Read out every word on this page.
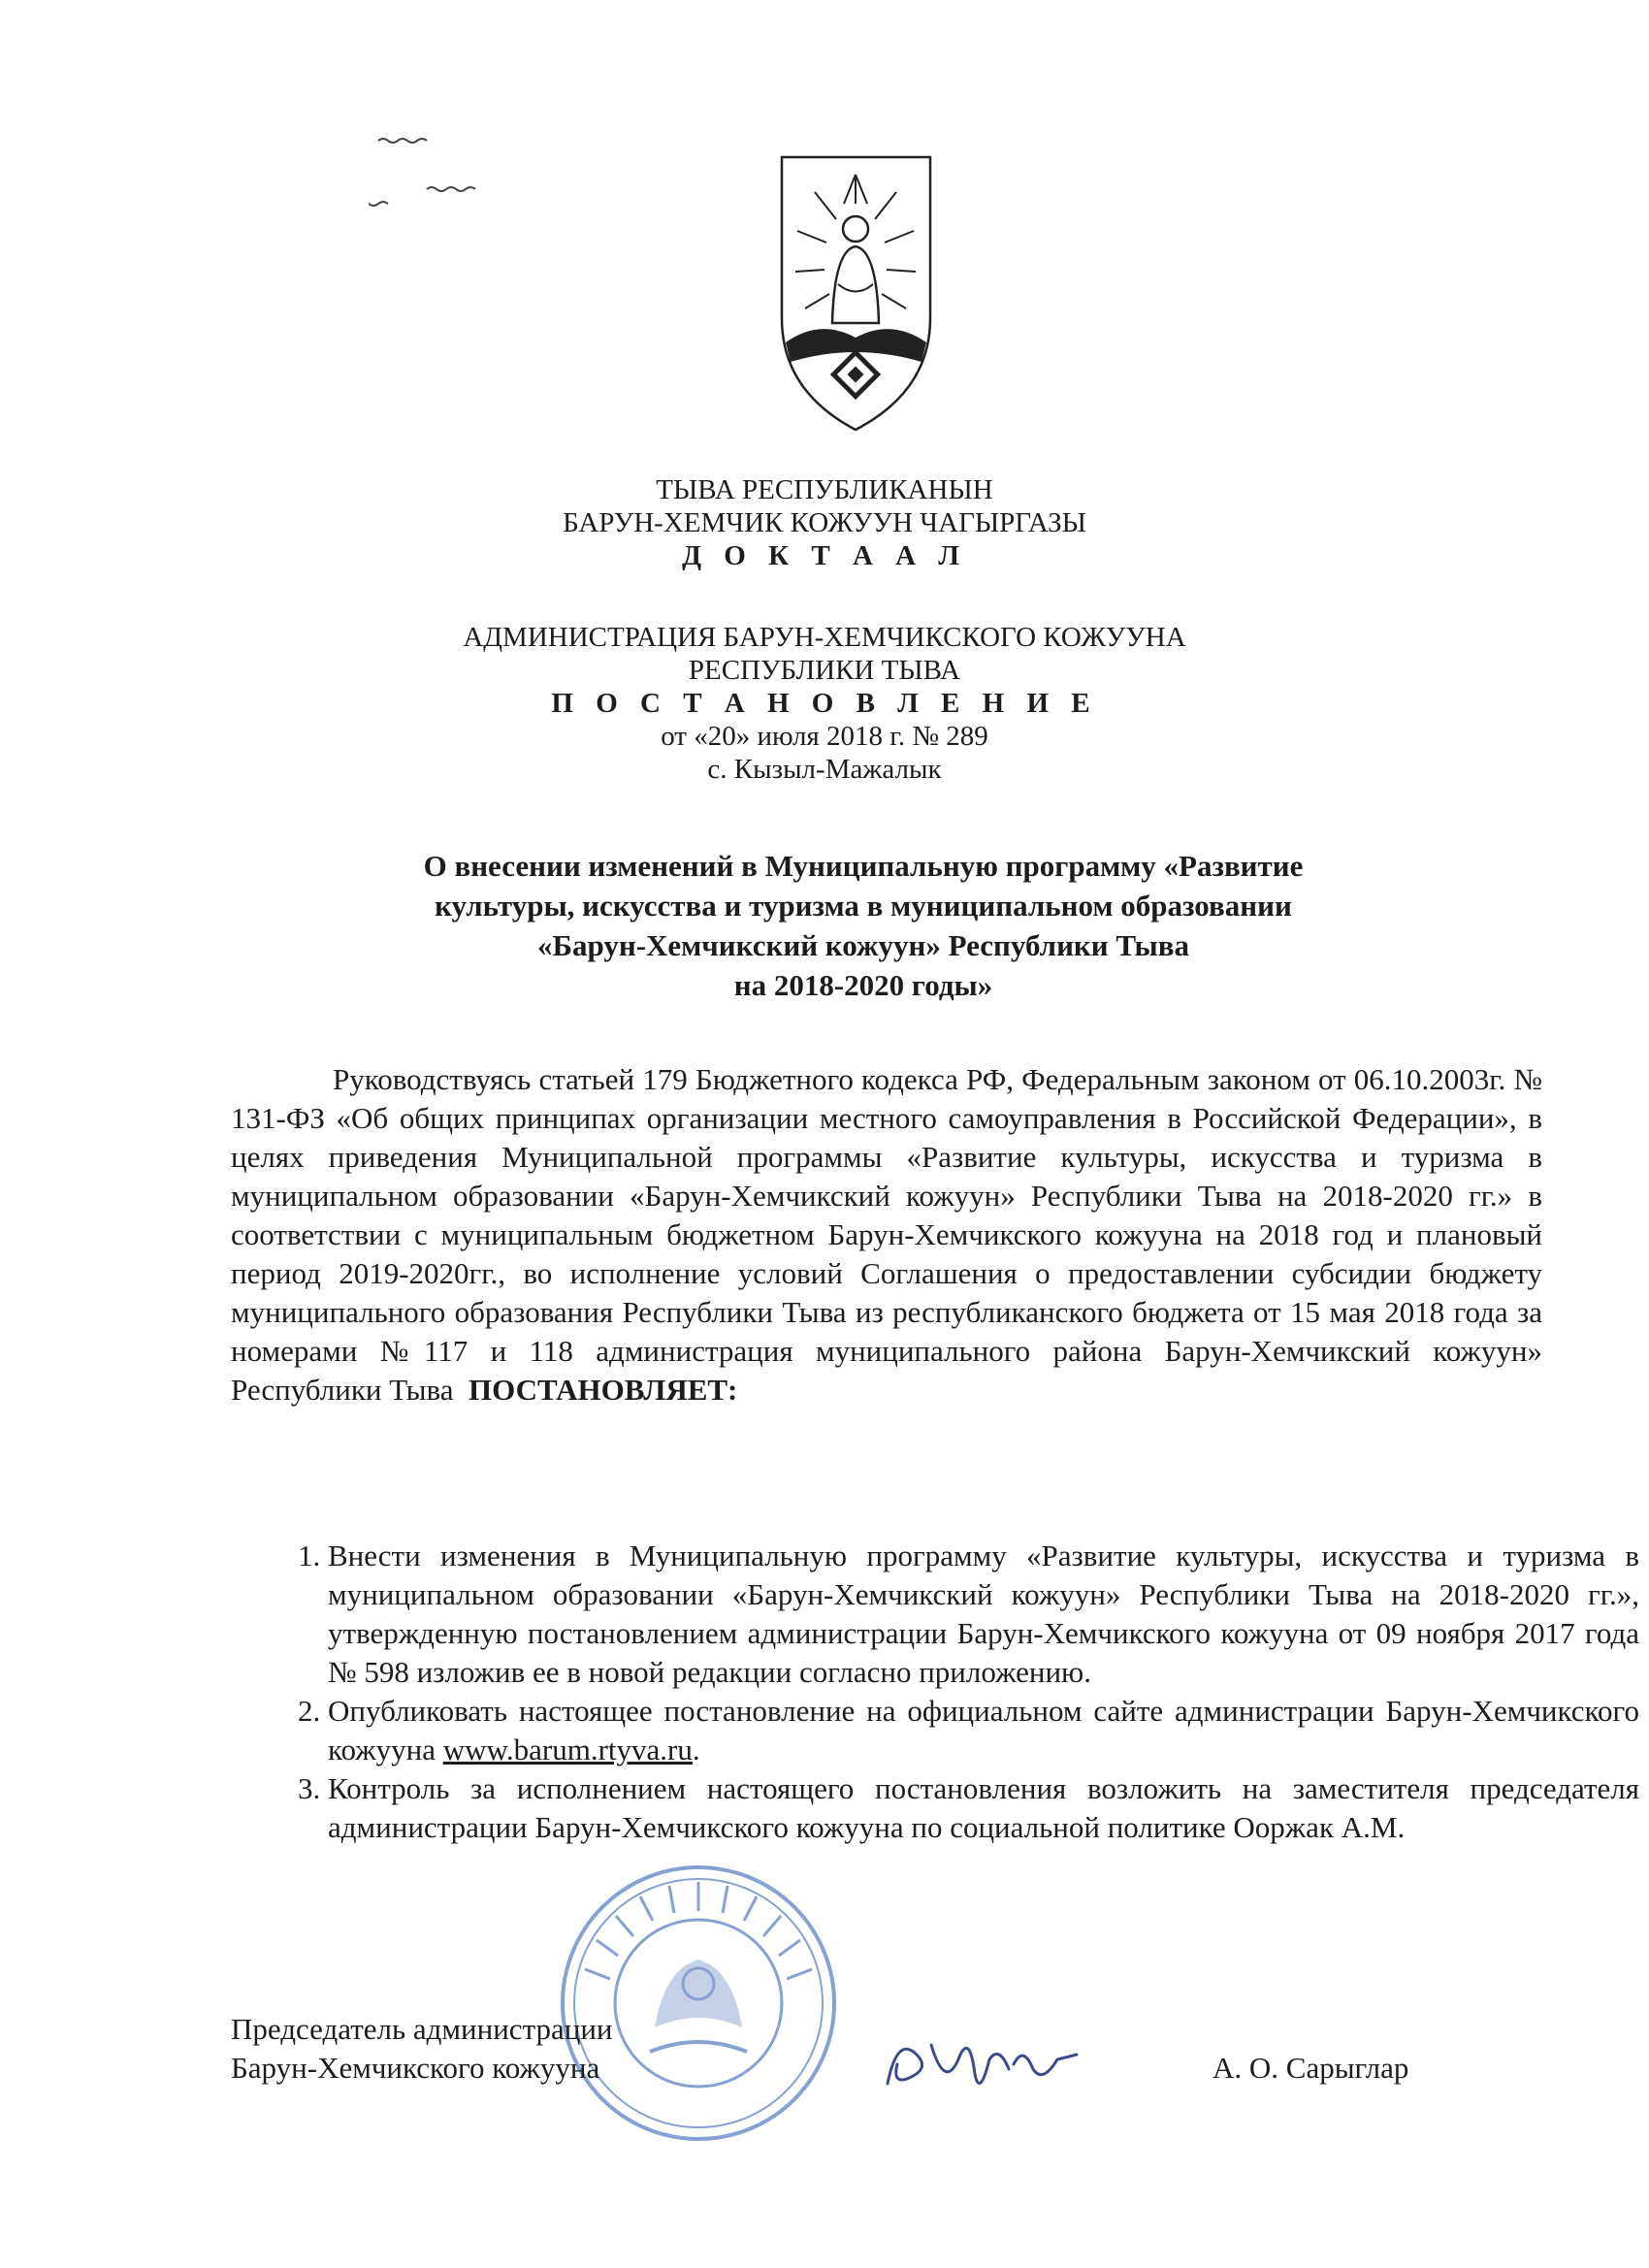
ТЫВА РЕСПУБЛИКАНЫН
БАРУН-ХЕМЧИК КОЖУУН ЧАГЫРГАЗЫ
Д О К Т А А Л
АДМИНИСТРАЦИЯ БАРУН-ХЕМЧИКСКОГО КОЖУУНА
РЕСПУБЛИКИ ТЫВА
П О С Т А Н О В Л Е Н И Е
от «20» июля 2018 г. № 289
с. Кызыл-Мажалык
О внесении изменений в Муниципальную программу «Развитие
культуры, искусства и туризма в муниципальном образовании
«Барун-Хемчикский кожуун» Республики Тыва
на 2018-2020 годы»

Руководствуясь статьей 179 Бюджетного кодекса РФ, Федеральным законом от 06.10.2003г. № 131-ФЗ «Об общих принципах организации местного самоуправления в Российской Федерации», в целях приведения Муниципальной программы «Развитие культуры, искусства и туризма в муниципальном образовании «Барун-Хемчикский кожуун» Республики Тыва на 2018-2020 гг.» в соответствии с муниципальным бюджетном Барун-Хемчикского кожууна на 2018 год и плановый период 2019-2020гг., во исполнение условий Соглашения о предоставлении субсидии бюджету муниципального образования Республики Тыва из республиканского бюджета от 15 мая 2018 года за номерами №117 и 118 администрация муниципального района Барун-Хемчикский кожуун» Республики Тыва ПОСТАНОВЛЯЕТ:

1. Внести изменения в Муниципальную программу «Развитие культуры, искусства и туризма в муниципальном образовании «Барун-Хемчикский кожуун» Республики Тыва на 2018-2020 гг.», утвержденную постановлением администрации Барун-Хемчикского кожууна от 09 ноября 2017 года № 598 изложив ее в новой редакции согласно приложению.
2. Опубликовать настоящее постановление на официальном сайте администрации Барун-Хемчикского кожууна www.barum.rtyva.ru.
3. Контроль за исполнением настоящего постановления возложить на заместителя председателя администрации Барун-Хемчикского кожууна по социальной политике Ооржак А.М.
Председатель администрации
Барун-Хемчикского кожууна	А. О. Сарыглар
